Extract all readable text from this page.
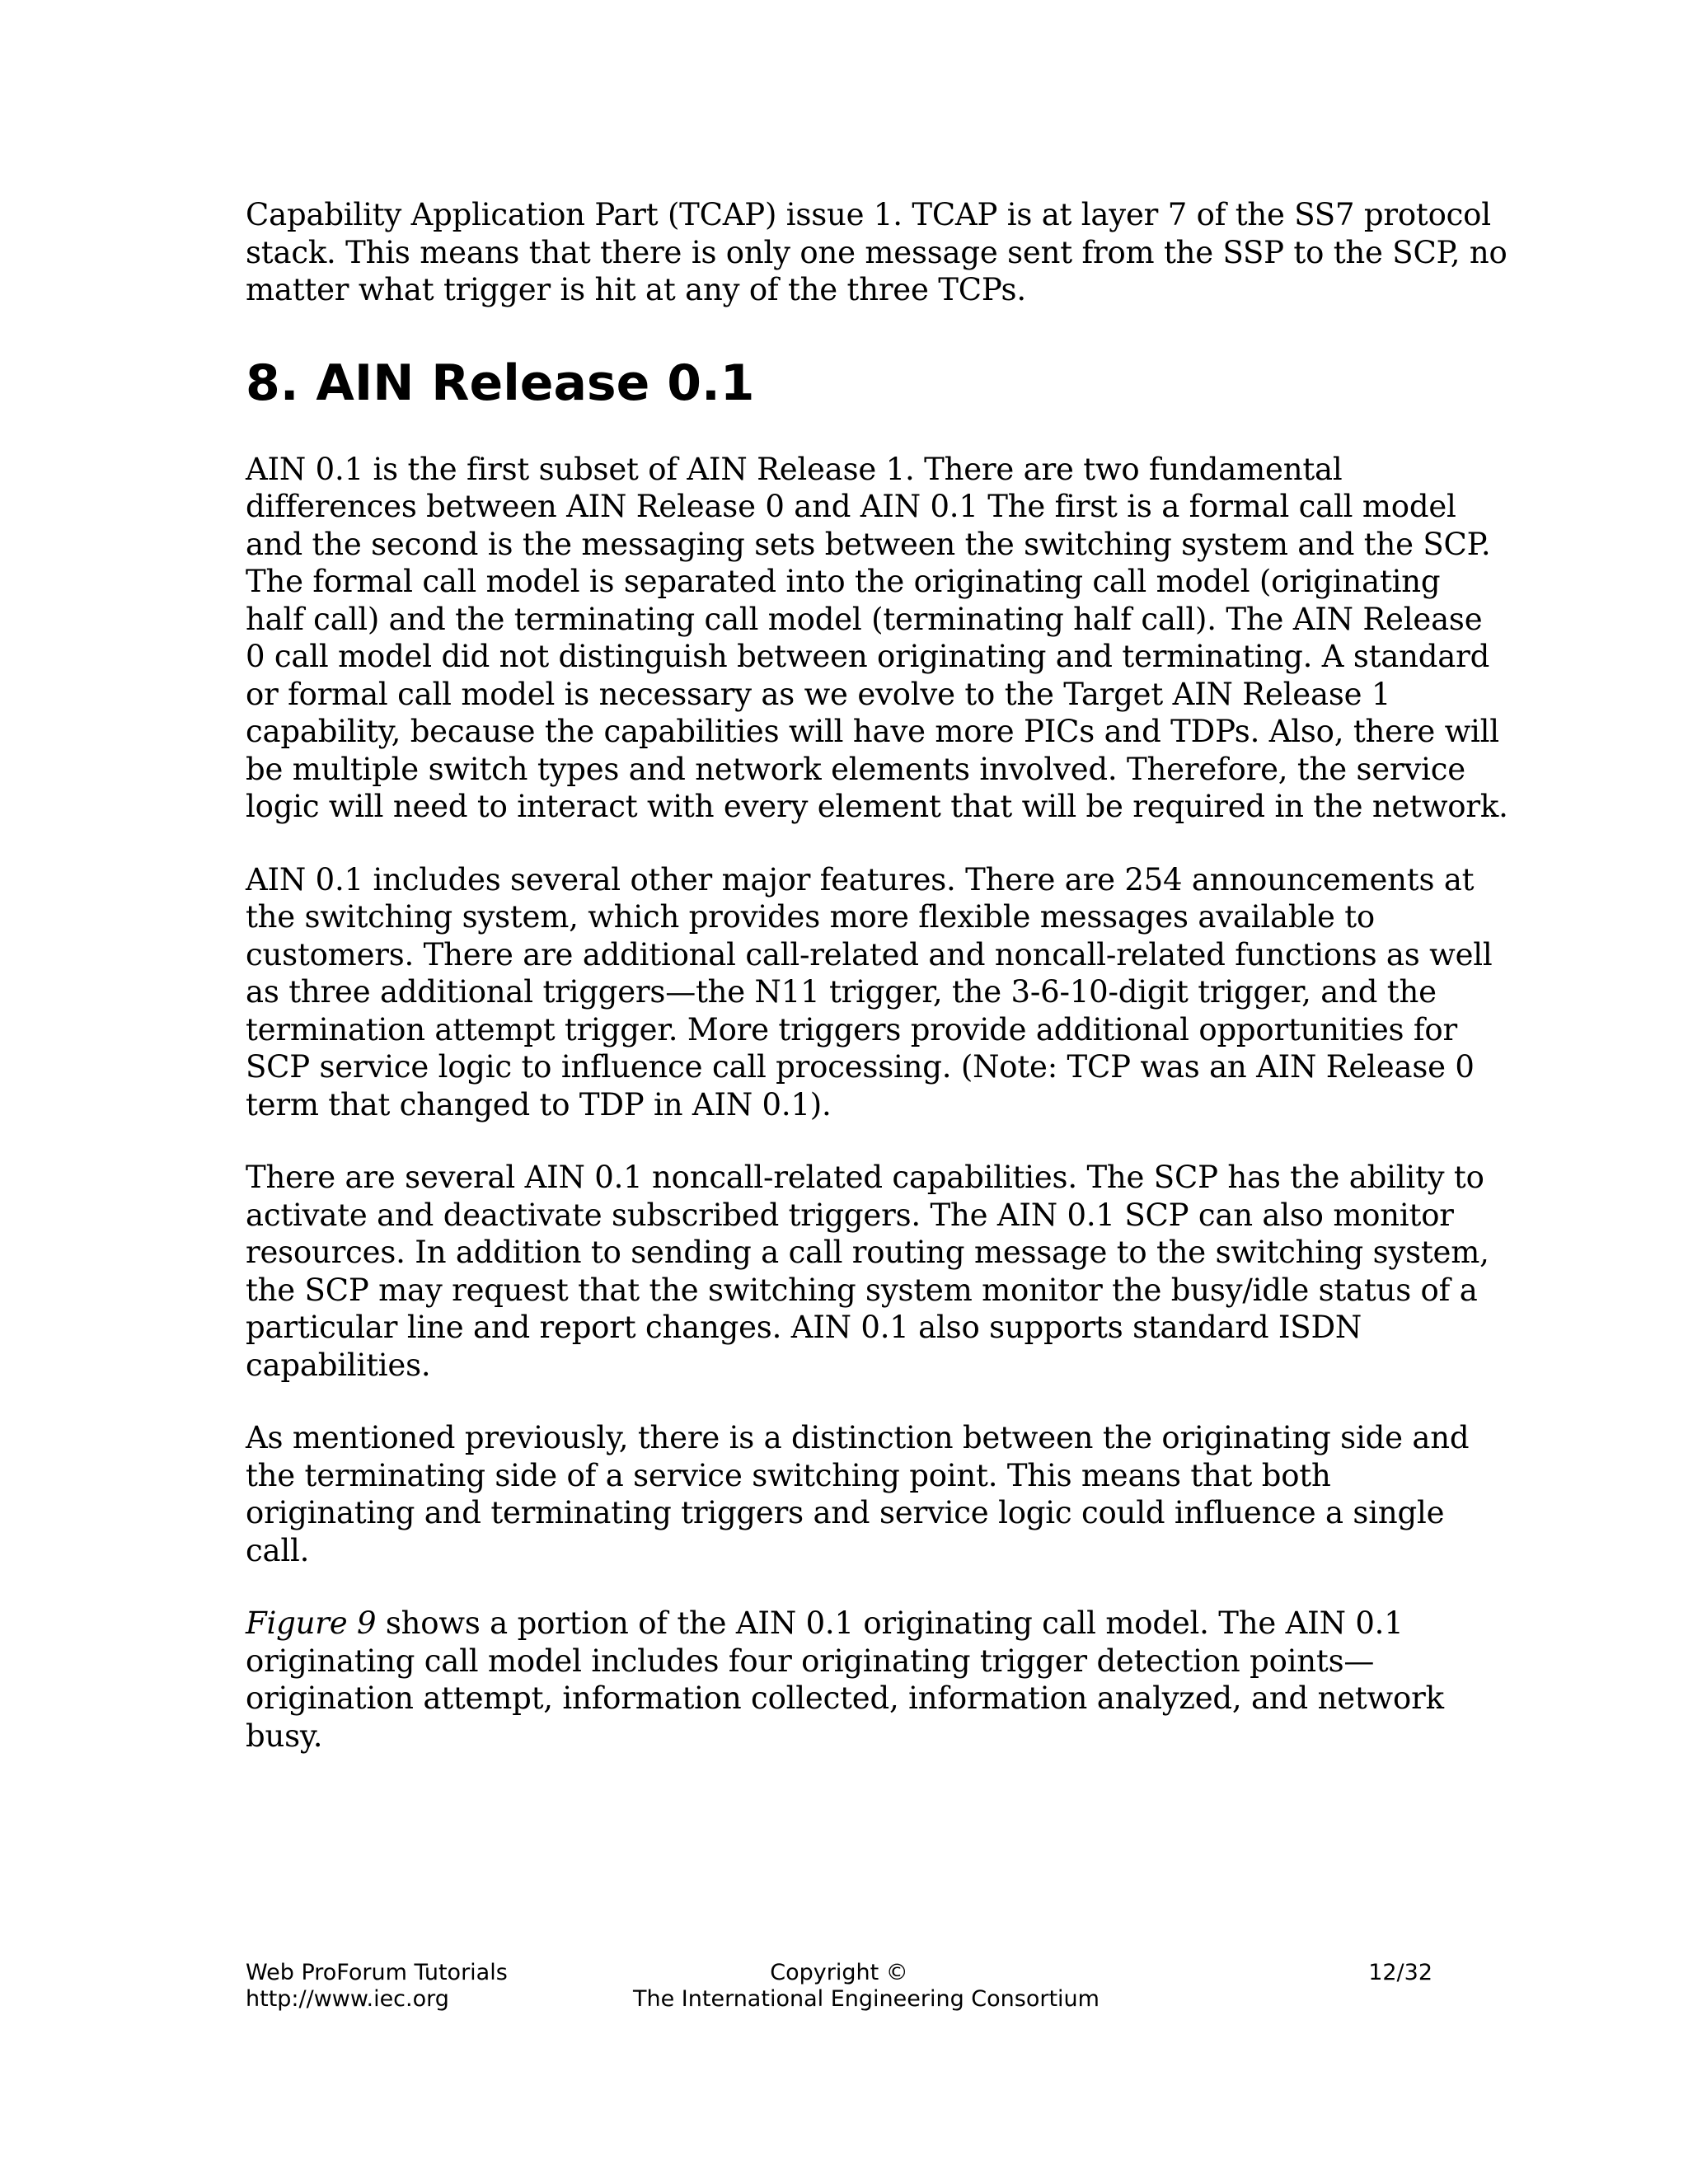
Capability Application Part (TCAP) issue 1. TCAP is at layer 7 of the SS7 protocol
stack. This means that there is only one message sent from the SSP to the SCP, no
matter what trigger is hit at any of the three TCPs.

8. AIN Release 0.1

AIN 0.1 is the first subset of AIN Release 1. There are two fundamental
differences between AIN Release 0 and AIN 0.1 The first is a formal call model
and the second is the messaging sets between the switching system and the SCP.
The formal call model is separated into the originating call model (originating
half call) and the terminating call model (terminating half call). The AIN Release
0 call model did not distinguish between originating and terminating. A standard
or formal call model is necessary as we evolve to the Target AIN Release 1
capability, because the capabilities will have more PICs and TDPs. Also, there will
be multiple switch types and network elements involved. Therefore, the service
logic will need to interact with every element that will be required in the network.

AIN 0.1 includes several other major features. There are 254 announcements at
the switching system, which provides more flexible messages available to
customers. There are additional call-related and noncall-related functions as well
as three additional triggers—the N11 trigger, the 3-6-10-digit trigger, and the
termination attempt trigger. More triggers provide additional opportunities for
SCP service logic to influence call processing. (Note: TCP was an AIN Release 0
term that changed to TDP in AIN 0.1).

There are several AIN 0.1 noncall-related capabilities. The SCP has the ability to
activate and deactivate subscribed triggers. The AIN 0.1 SCP can also monitor
resources. In addition to sending a call routing message to the switching system,
the SCP may request that the switching system monitor the busy/idle status of a
particular line and report changes. AIN 0.1 also supports standard ISDN
capabilities.

As mentioned previously, there is a distinction between the originating side and
the terminating side of a service switching point. This means that both
originating and terminating triggers and service logic could influence a single
call.

Figure 9 shows a portion of the AIN 0.1 originating call model. The AIN 0.1
originating call model includes four originating trigger detection points—
origination attempt, information collected, information analyzed, and network
busy.

Web ProForum Tutorials
http://www.iec.org
Copyright ©
The International Engineering Consortium
12/32
